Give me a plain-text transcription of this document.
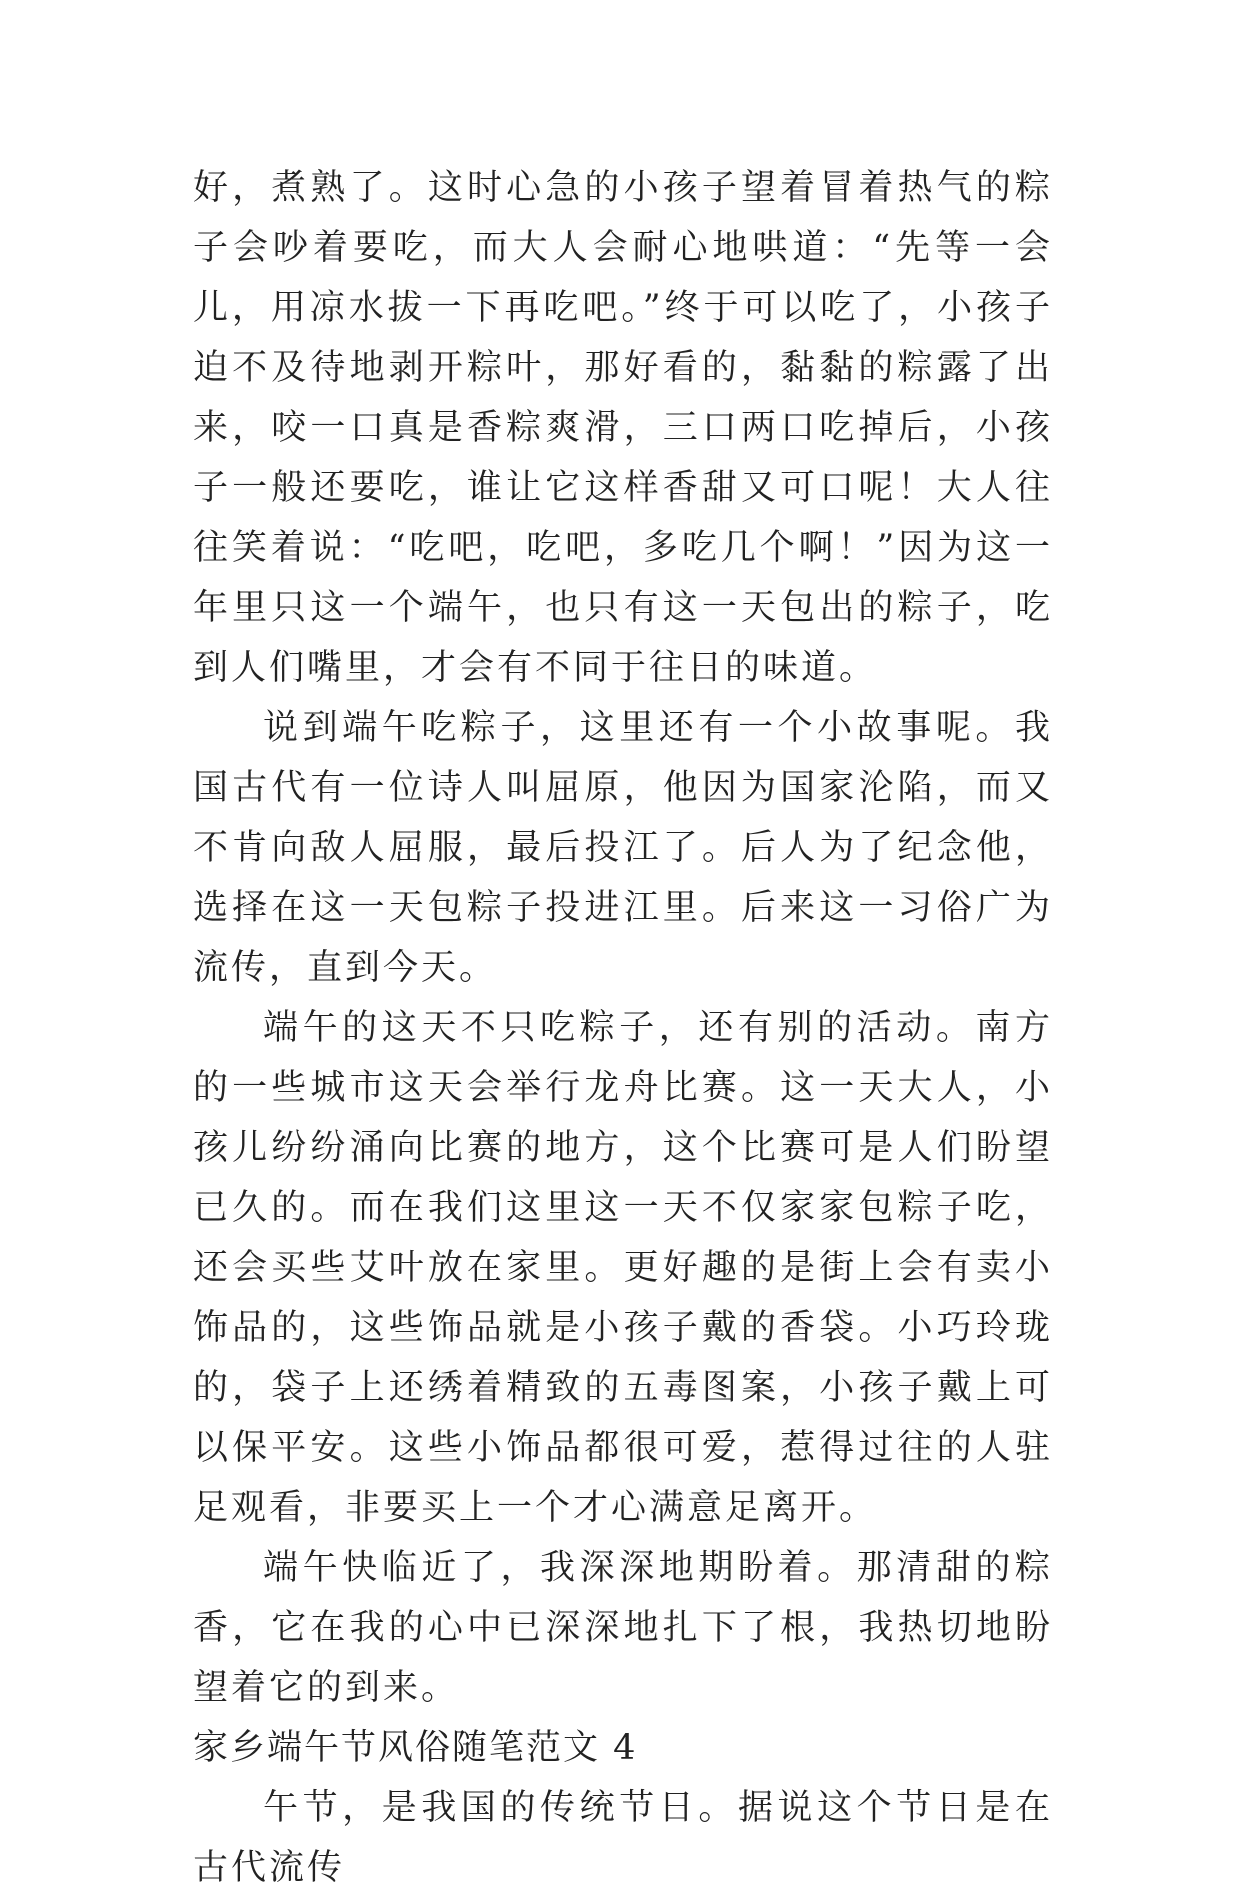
好，煮熟了。这时心急的小孩子望着冒着热气的粽子会吵着要吃，而大人会耐心地哄道：“先等一会儿，用凉水拔一下再吃吧。”终于可以吃了，小孩子迫不及待地剥开粽叶，那好看的，黏黏的粽露了出来，咬一口真是香粽爽滑，三口两口吃掉后，小孩子一般还要吃，谁让它这样香甜又可口呢！大人往往笑着说：“吃吧，吃吧，多吃几个啊！”因为这一年里只这一个端午，也只有这一天包出的粽子，吃到人们嘴里，才会有不同于往日的味道。

说到端午吃粽子，这里还有一个小故事呢。我国古代有一位诗人叫屈原，他因为国家沦陷，而又不肯向敌人屈服，最后投江了。后人为了纪念他，选择在这一天包粽子投进江里。后来这一习俗广为流传，直到今天。

端午的这天不只吃粽子，还有别的活动。南方的一些城市这天会举行龙舟比赛。这一天大人，小孩儿纷纷涌向比赛的地方，这个比赛可是人们盼望已久的。而在我们这里这一天不仅家家包粽子吃，还会买些艾叶放在家里。更好趣的是街上会有卖小饰品的，这些饰品就是小孩子戴的香袋。小巧玲珑的，袋子上还绣着精致的五毒图案，小孩子戴上可以保平安。这些小饰品都很可爱，惹得过往的人驻足观看，非要买上一个才心满意足离开。

端午快临近了，我深深地期盼着。那清甜的粽香，它在我的心中已深深地扎下了根，我热切地盼望着它的到来。

家乡端午节风俗随笔范文 4

午节，是我国的传统节日。据说这个节日是在古代流传
